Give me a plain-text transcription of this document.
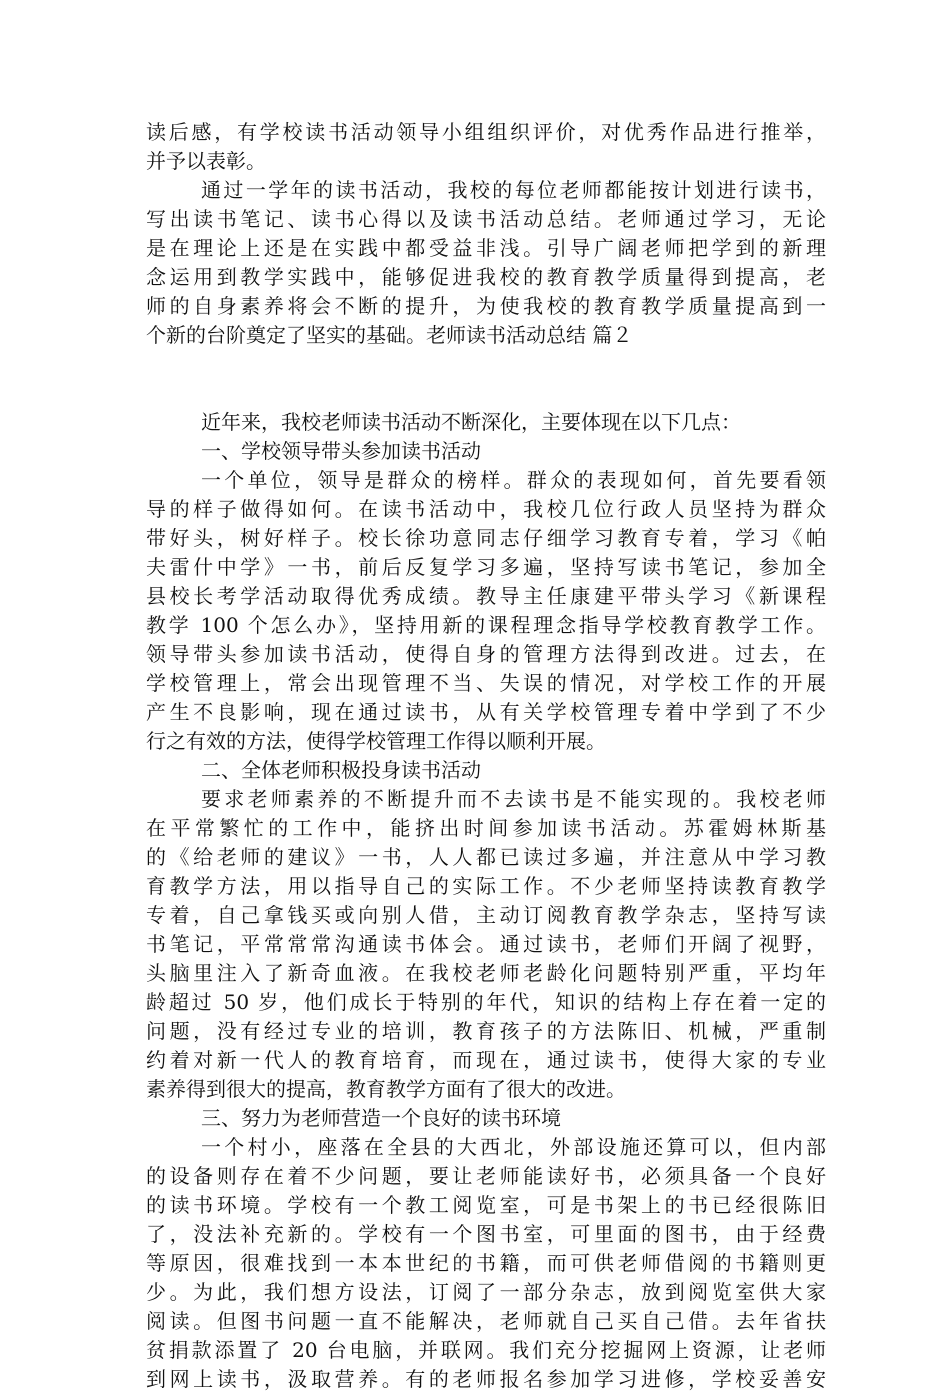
读后感，有学校读书活动领导小组组织评价，对优秀作品进行推举，
并予以表彰。
通过一学年的读书活动，我校的每位老师都能按计划进行读书，
写出读书笔记、读书心得以及读书活动总结。老师通过学习，无论
是在理论上还是在实践中都受益非浅。引导广阔老师把学到的新理
念运用到教学实践中，能够促进我校的教育教学质量得到提高，老
师的自身素养将会不断的提升，为使我校的教育教学质量提高到一
个新的台阶奠定了坚实的基础。老师读书活动总结 篇２
近年来，我校老师读书活动不断深化，主要体现在以下几点：
一、学校领导带头参加读书活动
一个单位，领导是群众的榜样。群众的表现如何，首先要看领
导的样子做得如何。在读书活动中，我校几位行政人员坚持为群众
带好头，树好样子。校长徐功意同志仔细学习教育专着，学习《帕
夫雷什中学》一书，前后反复学习多遍，坚持写读书笔记，参加全
县校长考学活动取得优秀成绩。教导主任康建平带头学习《新课程
教学 100 个怎么办》，坚持用新的课程理念指导学校教育教学工作。
领导带头参加读书活动，使得自身的管理方法得到改进。过去，在
学校管理上，常会出现管理不当、失误的情况，对学校工作的开展
产生不良影响，现在通过读书，从有关学校管理专着中学到了不少
行之有效的方法，使得学校管理工作得以顺利开展。
二、全体老师积极投身读书活动
要求老师素养的不断提升而不去读书是不能实现的。我校老师
在平常繁忙的工作中，能挤出时间参加读书活动。苏霍姆林斯基
的《给老师的建议》一书，人人都已读过多遍，并注意从中学习教
育教学方法，用以指导自己的实际工作。不少老师坚持读教育教学
专着，自己拿钱买或向别人借，主动订阅教育教学杂志，坚持写读
书笔记，平常常常沟通读书体会。通过读书，老师们开阔了视野，
头脑里注入了新奇血液。在我校老师老龄化问题特别严重，平均年
龄超过 50 岁，他们成长于特别的年代，知识的结构上存在着一定的
问题，没有经过专业的培训，教育孩子的方法陈旧、机械，严重制
约着对新一代人的教育培育，而现在，通过读书，使得大家的专业
素养得到很大的提高，教育教学方面有了很大的改进。
三、努力为老师营造一个良好的读书环境
一个村小，座落在全县的大西北，外部设施还算可以，但内部
的设备则存在着不少问题，要让老师能读好书，必须具备一个良好
的读书环境。学校有一个教工阅览室，可是书架上的书已经很陈旧
了，没法补充新的。学校有一个图书室，可里面的图书，由于经费
等原因，很难找到一本本世纪的书籍，而可供老师借阅的书籍则更
少。为此，我们想方设法，订阅了一部分杂志，放到阅览室供大家
阅读。但图书问题一直不能解决，老师就自己买自己借。去年省扶
贫捐款添置了 20 台电脑，并联网。我们充分挖掘网上资源，让老师
到网上读书，汲取营养。有的老师报名参加学习进修，学校妥善安
